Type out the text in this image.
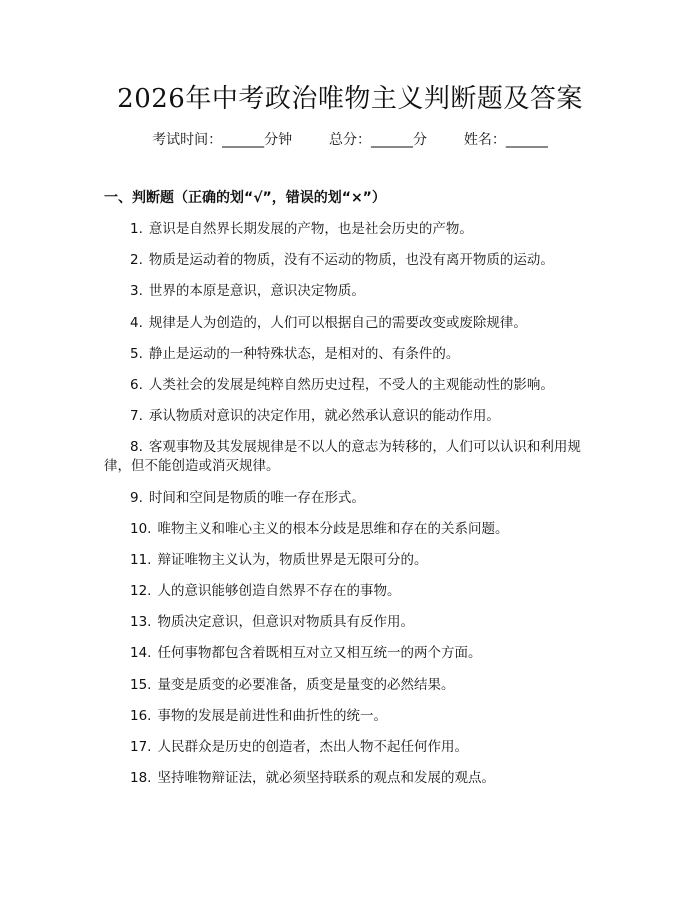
2026年中考政治唯物主义判断题及答案
考试时间：______分钟	总分：______分	姓名：______
一、判断题（正确的划“√”，错误的划“×”）
1. 意识是自然界长期发展的产物，也是社会历史的产物。
2. 物质是运动着的物质，没有不运动的物质，也没有离开物质的运动。
3. 世界的本原是意识，意识决定物质。
4. 规律是人为创造的，人们可以根据自己的需要改变或废除规律。
5. 静止是运动的一种特殊状态，是相对的、有条件的。
6. 人类社会的发展是纯粹自然历史过程，不受人的主观能动性的影响。
7. 承认物质对意识的决定作用，就必然承认意识的能动作用。
8. 客观事物及其发展规律是不以人的意志为转移的，人们可以认识和利用规律，但不能创造或消灭规律。
9. 时间和空间是物质的唯一存在形式。
10. 唯物主义和唯心主义的根本分歧是思维和存在的关系问题。
11. 辩证唯物主义认为，物质世界是无限可分的。
12. 人的意识能够创造自然界不存在的事物。
13. 物质决定意识，但意识对物质具有反作用。
14. 任何事物都包含着既相互对立又相互统一的两个方面。
15. 量变是质变的必要准备，质变是量变的必然结果。
16. 事物的发展是前进性和曲折性的统一。
17. 人民群众是历史的创造者，杰出人物不起任何作用。
18. 坚持唯物辩证法，就必须坚持联系的观点和发展的观点。
